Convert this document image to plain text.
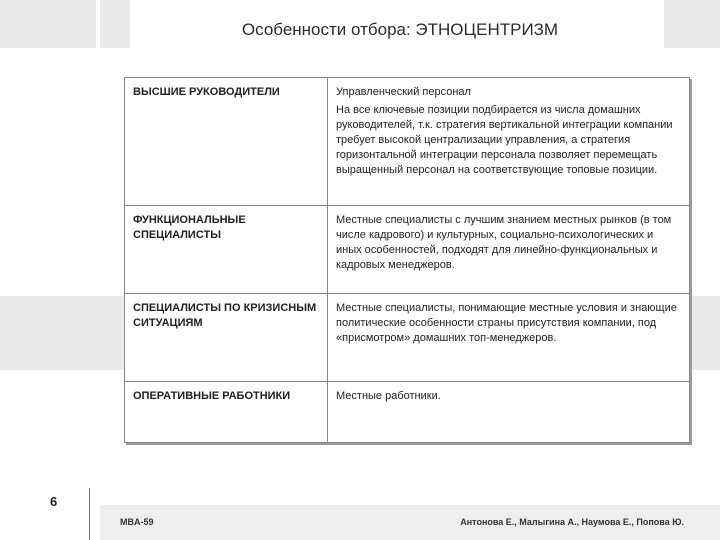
Особенности отбора: ЭТНОЦЕНТРИЗМ
ВЫСШИЕ РУКОВОДИТЕЛИ	Управленческий персонал
На все ключевые позиции подбирается из числа домашних руководителей, т.к. стратегия вертикальной интеграции компании требует высокой централизации управления, а стратегия горизонтальной интеграции персонала позволяет перемещать выращенный персонал на соответствующие топовые позиции.
ФУНКЦИОНАЛЬНЫЕ СПЕЦИАЛИСТЫ	Местные специалисты с лучшим знанием местных рынков (в том числе кадрового) и культурных, социально-психологических и иных особенностей, подходят для линейно-функциональных и кадровых менеджеров.
СПЕЦИАЛИСТЫ ПО КРИЗИСНЫМ СИТУАЦИЯМ	Местные специалисты, понимающие местные условия и знающие политические особенности страны присутствия компании, под «присмотром» домашних топ-менеджеров.
ОПЕРАТИВНЫЕ РАБОТНИКИ	Местные работники.
6
MBA-59	Антонова Е., Малыгина А., Наумова Е., Попова Ю.
